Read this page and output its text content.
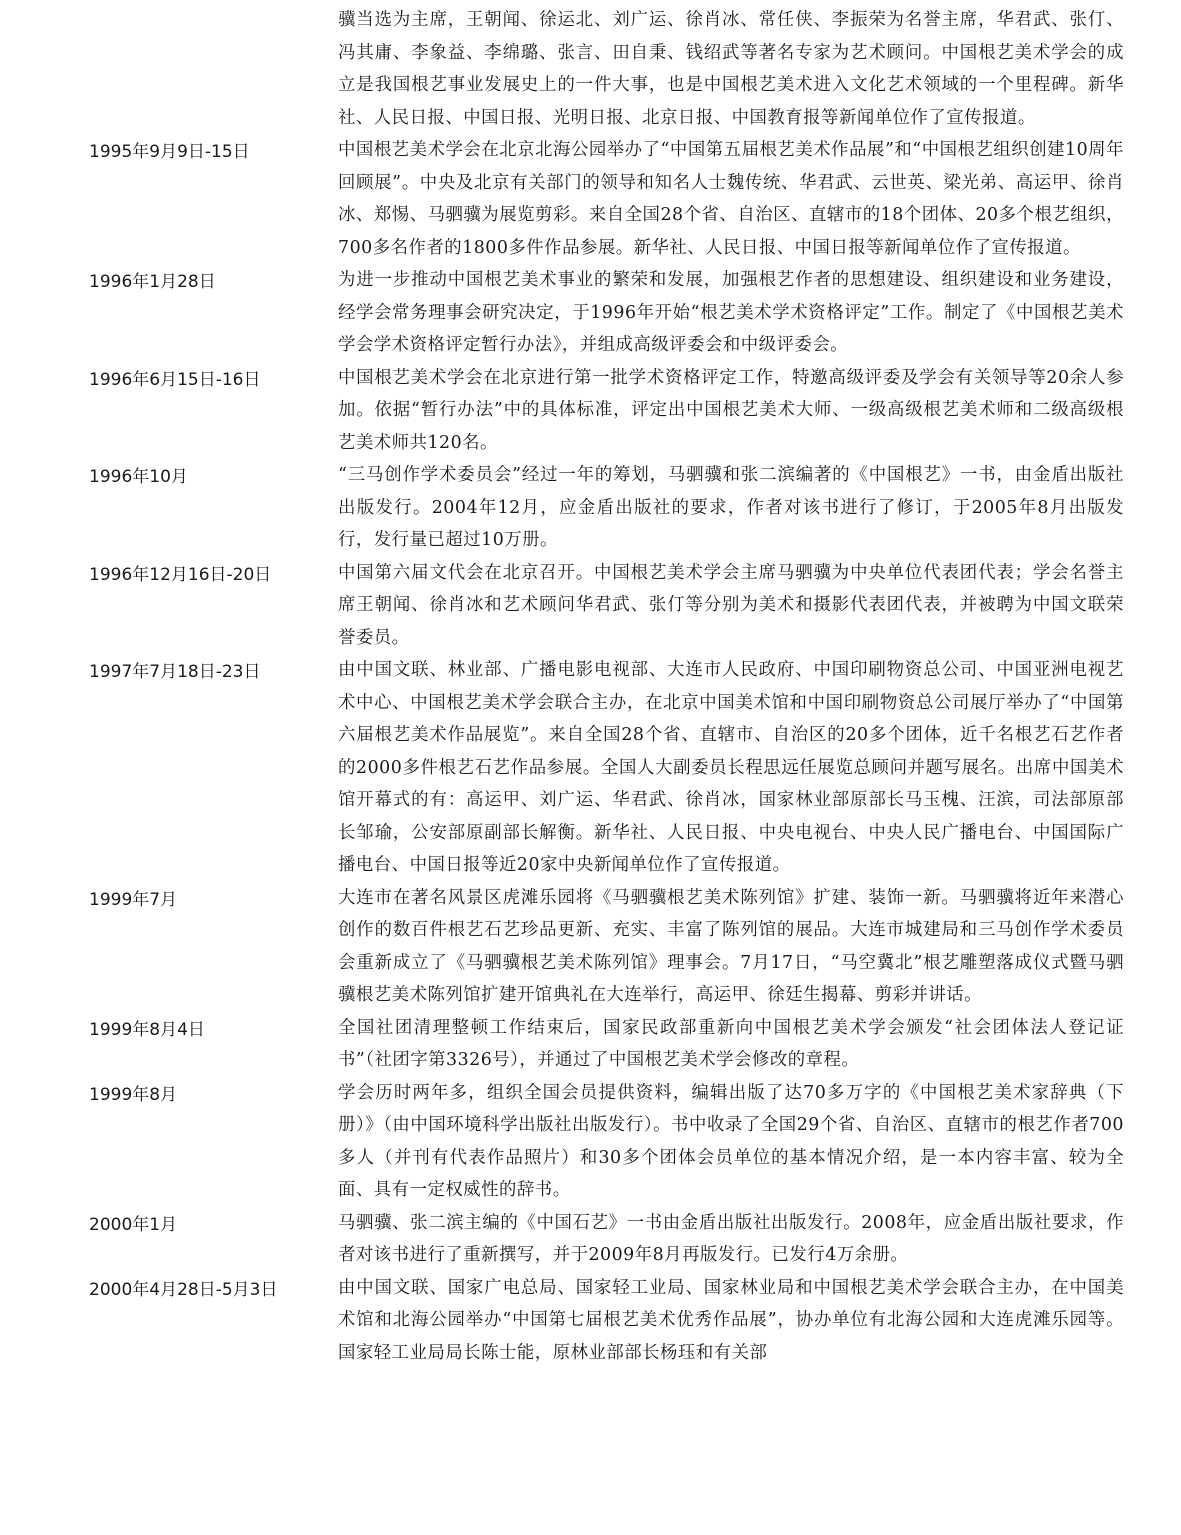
骥当选为主席，王朝闻、徐运北、刘广运、徐肖冰、常任侠、李振荣为名誉主席，华君武、张仃、冯其庸、李象益、李绵璐、张言、田自秉、钱绍武等著名专家为艺术顾问。中国根艺美术学会的成立是我国根艺事业发展史上的一件大事，也是中国根艺美术进入文化艺术领域的一个里程碑。新华社、人民日报、中国日报、光明日报、北京日报、中国教育报等新闻单位作了宣传报道。
1995年9月9日-15日	中国根艺美术学会在北京北海公园举办了“中国第五届根艺美术作品展”和“中国根艺组织创建10周年回顾展”。中央及北京有关部门的领导和知名人士魏传统、华君武、云世英、梁光弟、高运甲、徐肖冰、郑惕、马驷骥为展览剪彩。来自全国28个省、自治区、直辖市的18个团体、20多个根艺组织，700多名作者的1800多件作品参展。新华社、人民日报、中国日报等新闻单位作了宣传报道。
1996年1月28日	为进一步推动中国根艺美术事业的繁荣和发展，加强根艺作者的思想建设、组织建设和业务建设，经学会常务理事会研究决定，于1996年开始“根艺美术学术资格评定”工作。制定了《中国根艺美术学会学术资格评定暂行办法》，并组成高级评委会和中级评委会。
1996年6月15日-16日	中国根艺美术学会在北京进行第一批学术资格评定工作，特邀高级评委及学会有关领导等20余人参加。依据“暂行办法”中的具体标准，评定出中国根艺美术大师、一级高级根艺美术师和二级高级根艺美术师共120名。
1996年10月	“三马创作学术委员会”经过一年的筹划，马驷骥和张二滨编著的《中国根艺》一书，由金盾出版社出版发行。2004年12月，应金盾出版社的要求，作者对该书进行了修订，于2005年8月出版发行，发行量已超过10万册。
1996年12月16日-20日	中国第六届文代会在北京召开。中国根艺美术学会主席马驷骥为中央单位代表团代表；学会名誉主席王朝闻、徐肖冰和艺术顾问华君武、张仃等分别为美术和摄影代表团代表，并被聘为中国文联荣誉委员。
1997年7月18日-23日	由中国文联、林业部、广播电影电视部、大连市人民政府、中国印刷物资总公司、中国亚洲电视艺术中心、中国根艺美术学会联合主办，在北京中国美术馆和中国印刷物资总公司展厅举办了“中国第六届根艺美术作品展览”。来自全国28个省、直辖市、自治区的20多个团体，近千名根艺石艺作者的2000多件根艺石艺作品参展。全国人大副委员长程思远任展览总顾问并题写展名。出席中国美术馆开幕式的有：高运甲、刘广运、华君武、徐肖冰，国家林业部原部长马玉槐、汪滨，司法部原部长邹瑜，公安部原副部长解衡。新华社、人民日报、中央电视台、中央人民广播电台、中国国际广播电台、中国日报等近20家中央新闻单位作了宣传报道。
1999年7月	大连市在著名风景区虎滩乐园将《马驷骥根艺美术陈列馆》扩建、装饰一新。马驷骥将近年来潜心创作的数百件根艺石艺珍品更新、充实、丰富了陈列馆的展品。大连市城建局和三马创作学术委员会重新成立了《马驷骥根艺美术陈列馆》理事会。7月17日，“马空冀北”根艺雕塑落成仪式暨马驷骥根艺美术陈列馆扩建开馆典礼在大连举行，高运甲、徐廷生揭幕、剪彩并讲话。
1999年8月4日	全国社团清理整顿工作结束后，国家民政部重新向中国根艺美术学会颁发“社会团体法人登记证书”（社团字第3326号），并通过了中国根艺美术学会修改的章程。
1999年8月	学会历时两年多，组织全国会员提供资料，编辑出版了达70多万字的《中国根艺美术家辞典（下册）》（由中国环境科学出版社出版发行）。书中收录了全国29个省、自治区、直辖市的根艺作者700多人（并刊有代表作品照片）和30多个团体会员单位的基本情况介绍，是一本内容丰富、较为全面、具有一定权威性的辞书。
2000年1月	马驷骥、张二滨主编的《中国石艺》一书由金盾出版社出版发行。2008年，应金盾出版社要求，作者对该书进行了重新撰写，并于2009年8月再版发行。已发行4万余册。
2000年4月28日-5月3日	由中国文联、国家广电总局、国家轻工业局、国家林业局和中国根艺美术学会联合主办，在中国美术馆和北海公园举办“中国第七届根艺美术优秀作品展”，协办单位有北海公园和大连虎滩乐园等。国家轻工业局局长陈士能，原林业部部长杨珏和有关部
